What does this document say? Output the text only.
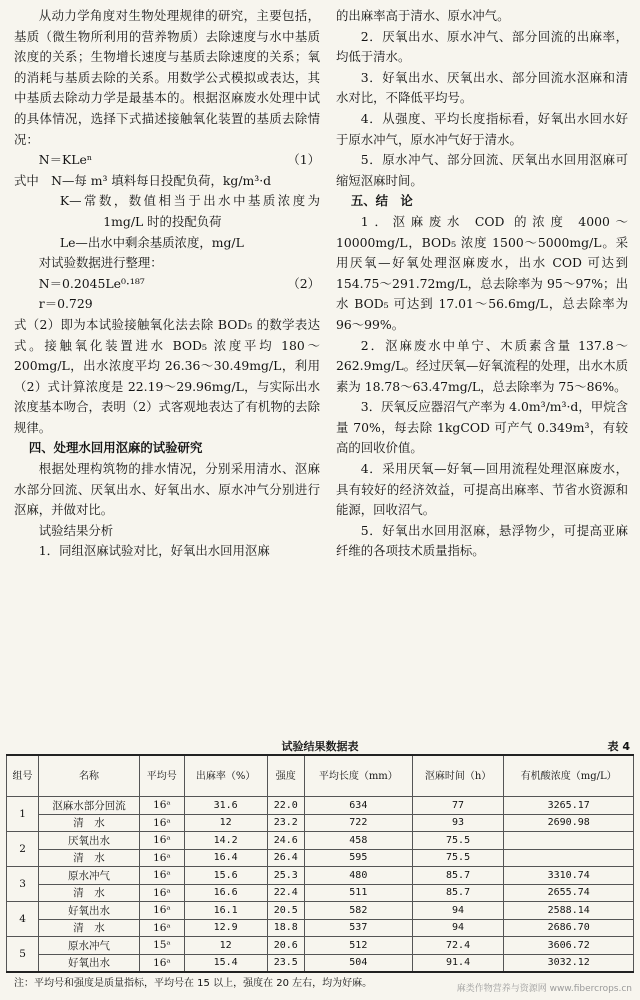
从动力学角度对生物处理规律的研究，主要包括，基质（微生物所利用的营养物质）去除速度与水中基质浓度的关系；生物增长速度与基质去除速度的关系；氧的消耗与基质去除的关系。用数学公式模拟或表达，其中基质去除动力学是最基本的。根据沤麻废水处理中试的具体情况，选择下式描述接触氧化装置的基质去除情况：

N＝KLeⁿ	（1）

式中　N—每 m³ 填料每日投配负荷，kg/m³·d

K—常数，数值相当于出水中基质浓度为 1mg/L 时的投配负荷

Le—出水中剩余基质浓度，mg/L

对试验数据进行整理：

N＝0.2045Le⁰·¹⁸⁷	（2）
r＝0.729

式（2）即为本试验接触氧化法去除 BOD₅ 的数学表达式。接触氧化装置进水 BOD₅ 浓度平均 180～200mg/L，出水浓度平均 26.36～30.49mg/L，利用（2）式计算浓度是 22.19～29.96mg/L，与实际出水浓度基本吻合，表明（2）式客观地表达了有机物的去除规律。

四、处理水回用沤麻的试验研究

根据处理构筑物的排水情况，分别采用清水、沤麻水部分回流、厌氧出水、好氧出水、原水冲气分别进行沤麻，并做对比。

试验结果分析

1．同组沤麻试验对比，好氧出水回用沤麻

的出麻率高于清水、原水冲气。

2．厌氧出水、原水冲气、部分回流的出麻率，均低于清水。

3．好氧出水、厌氧出水、部分回流水沤麻和清水对比，不降低平均号。

4．从强度、平均长度指标看，好氧出水回水好于原水冲气，原水冲气好于清水。

5．原水冲气、部分回流、厌氧出水回用沤麻可缩短沤麻时间。

五、结　论

1．沤麻废水 COD 的浓度 4000～10000mg/L，BOD₅ 浓度 1500～5000mg/L。采用厌氧—好氧处理沤麻废水，出水 COD 可达到 154.75～291.72mg/L，总去除率为 95～97%；出水 BOD₅ 可达到 17.01～56.6mg/L，总去除率为 96～99%。

2．沤麻废水中单宁、木质素含量 137.8～262.9mg/L。经过厌氧—好氧流程的处理，出水木质素为 18.78～63.47mg/L，总去除率为 75～86%。

3．厌氧反应器沼气产率为 4.0m³/m³·d，甲烷含量 70%，每去除 1kgCOD 可产气 0.349m³，有较高的回收价值。

4．采用厌氧—好氧—回用流程处理沤麻废水，具有较好的经济效益，可提高出麻率、节省水资源和能源，回收沼气。

5．好氧出水回用沤麻，悬浮物少，可提高亚麻纤维的各项技术质量指标。

试验结果数据表	表 4
组号	名称	平均号	出麻率（%）	强度	平均长度（mm）	沤麻时间（h）	有机酸浓度（mg/L）
1	沤麻水部分回流	16ᵃ	31.6	22.0	634	77	3265.17
	清　水	16ᵃ	12	23.2	722	93	2690.98
2	厌氧出水	16ᵃ	14.2	24.6	458	75.5	
	清　水	16ᵃ	16.4	26.4	595	75.5	
3	原水冲气	16ᵃ	15.6	25.3	480	85.7	3310.74
	清　水	16ᵃ	16.6	22.4	511	85.7	2655.74
4	好氧出水	16ᵃ	16.1	20.5	582	94	2588.14
	清　水	16ᵃ	12.9	18.8	537	94	2686.70
5	原水冲气	15ᵃ	12	20.6	512	72.4	3606.72
	好氧出水	16ᵃ	15.4	23.5	504	91.4	3032.12
注：平均号和强度是质量指标，平均号在 15 以上，强度在 20 左右，均为好麻。	麻类作物营养与资源网 www.fibercrops.cn
